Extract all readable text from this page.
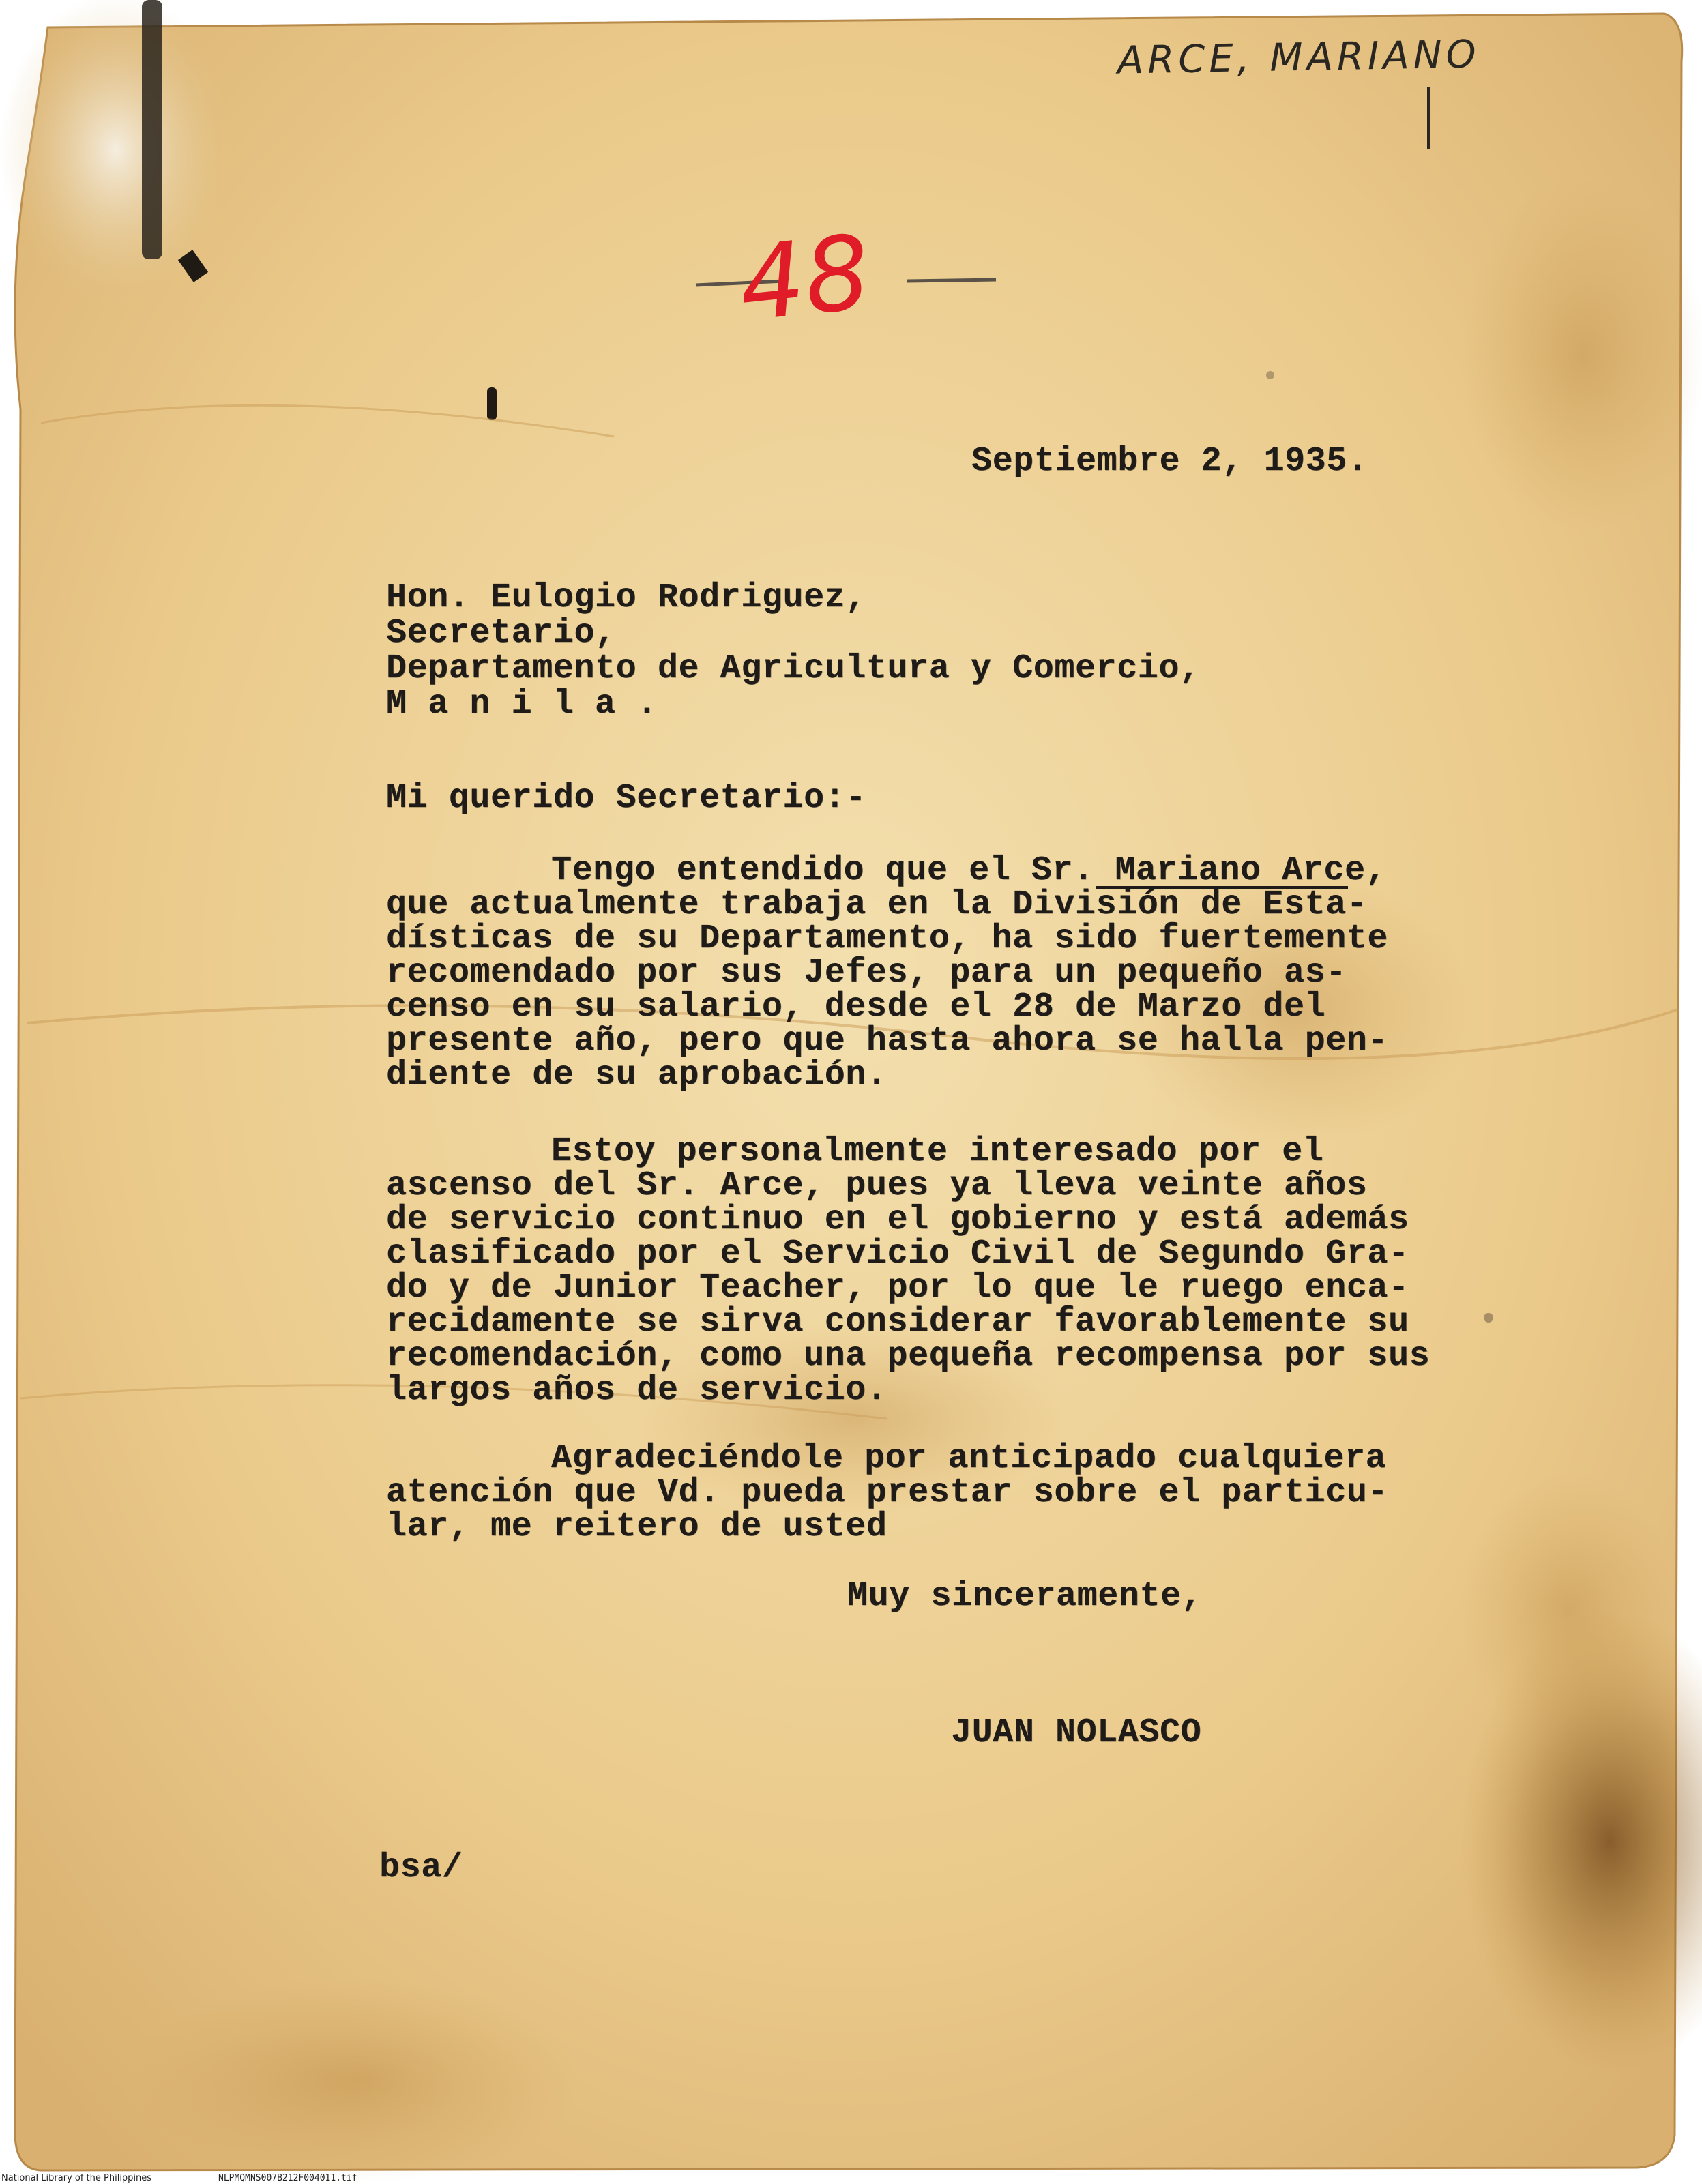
ARCE, MARIANO
48
Septiembre 2, 1935.

Hon. Eulogio Rodriguez,

Secretario,

Departamento de Agricultura y Comercio,

M a n i l a .

Mi querido Secretario:-

Tengo entendido que el Sr. Mariano Arce,

que actualmente trabaja en la División de Esta-

dísticas de su Departamento, ha sido fuertemente

recomendado por sus Jefes, para un pequeño as-

censo en su salario, desde el 28 de Marzo del

presente año, pero que hasta ahora se halla pen-

diente de su aprobación.

Estoy personalmente interesado por el

ascenso del Sr. Arce, pues ya lleva veinte años

de servicio continuo en el gobierno y está además

clasificado por el Servicio Civil de Segundo Gra-

do y de Junior Teacher, por lo que le ruego enca-

recidamente se sirva considerar favorablemente su

recomendación, como una pequeña recompensa por sus

largos años de servicio.

Agradeciéndole por anticipado cualquiera

atención que Vd. pueda prestar sobre el particu-

lar, me reitero de usted

Muy sinceramente,
JUAN NOLASCO
bsa/
National Library of the Philippines	NLPMQMNS007B212F004011.tif
